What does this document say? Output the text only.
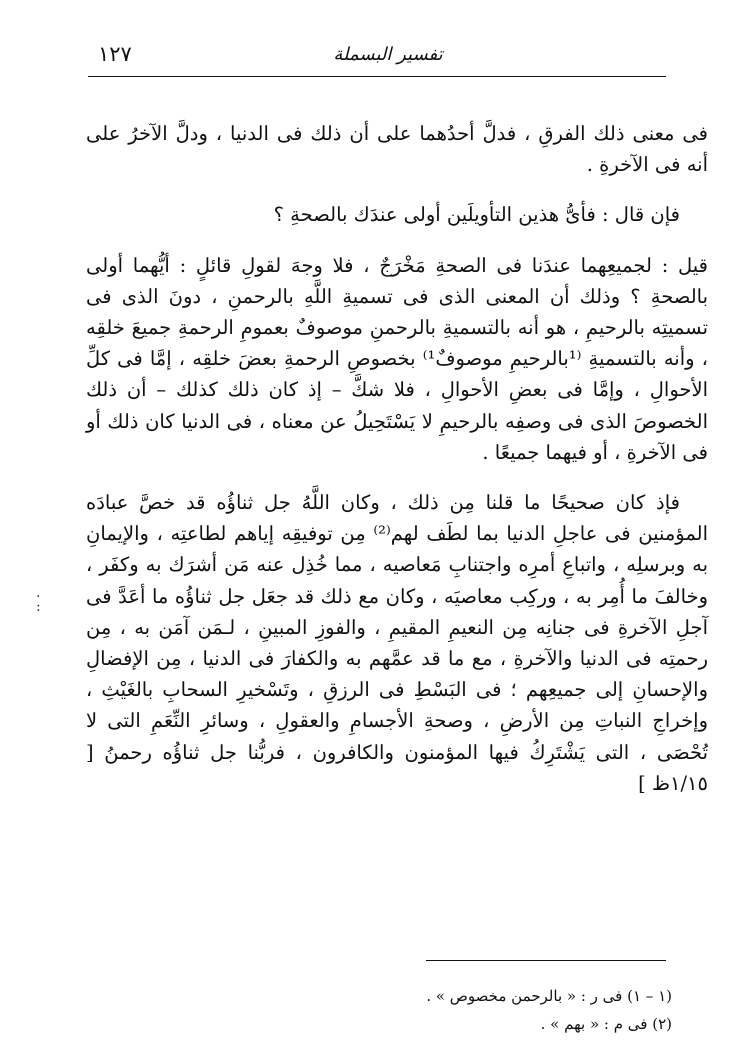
١٢٧	تفسير البسملة

فى معنى ذلك الفرقِ ، فدلَّ أحدُهما على أن ذلك فى الدنيا ، ودلَّ الآخرُ على أنه فى الآخرةِ .

فإن قال : فأىُّ هذين التأويلَين أولى عندَك بالصحةِ ؟

قيل : لجميعِهما عندَنا فى الصحةِ مَخْرَجٌ ، فلا وجهَ لقولِ قائلٍ : أيُّهما أولى بالصحةِ ؟ وذلك أن المعنى الذى فى تسميةِ اللَّهِ بالرحمنِ ، دونَ الذى فى تسميتِه بالرحيمِ ، هو أنه بالتسميةِ بالرحمنِ موصوفٌ بعمومِ الرحمةِ جميعَ خلقِه ، وأنه بالتسميةِ ⁽¹بالرحيمِ موصوفٌ¹⁾ بخصوصِ الرحمةِ بعضَ خلقِه ، إمَّا فى كلِّ الأحوالِ ، وإمَّا فى بعضِ الأحوالِ ، فلا شكَّ – إذ كان ذلك كذلك – أن ذلك الخصوصَ الذى فى وصفِه بالرحيمِ لا يَسْتَحِيلُ عن معناه ، فى الدنيا كان ذلك أو فى الآخرةِ ، أو فيهما جميعًا .

فإذ كان صحيحًا ما قلنا مِن ذلك ، وكان اللَّهُ جل ثناؤُه قد خصَّ عبادَه المؤمنين فى عاجلِ الدنيا بما لطَف لهم⁽²⁾ مِن توفيقِه إياهم لطاعتِه ، والإيمانِ به وبرسلِه ، واتباعِ أمرِه واجتنابِ مَعاصيه ، مما خُذِل عنه مَن أشرَك به وكفَر ، وخالفَ ما أُمِر به ، وركِب معاصيَه ، وكان مع ذلك قد جعَل جل ثناؤُه ما أعَدَّ فى آجلِ الآخرةِ فى جنانِه مِن النعيمِ المقيمِ ، والفوزِ المبينِ ، لـمَن آمَن به ، مِن رحمتِه فى الدنيا والآخرةِ ، مع ما قد عمَّهم به والكفارَ فى الدنيا ، مِن الإفضالِ والإحسانِ إلى جميعِهم ؛ فى البَسْطِ فى الرزقِ ، وتَسْخيرِ السحابِ بالغَيْثِ ، وإخراجِ النباتِ مِن الأرضِ ، وصحةِ الأجسامِ والعقولِ ، وسائرِ النِّعَمِ التى لا تُحْصَى ، التى يَشْتَرِكُ فيها المؤمنون والكافرون ، فربُّنا جل ثناؤُه رحمنُ [ ١/١٥ظ ]

·
:

(١ – ١) فى ر : « بالرحمن مخصوص » .

(٢) فى م : « بهم » .
